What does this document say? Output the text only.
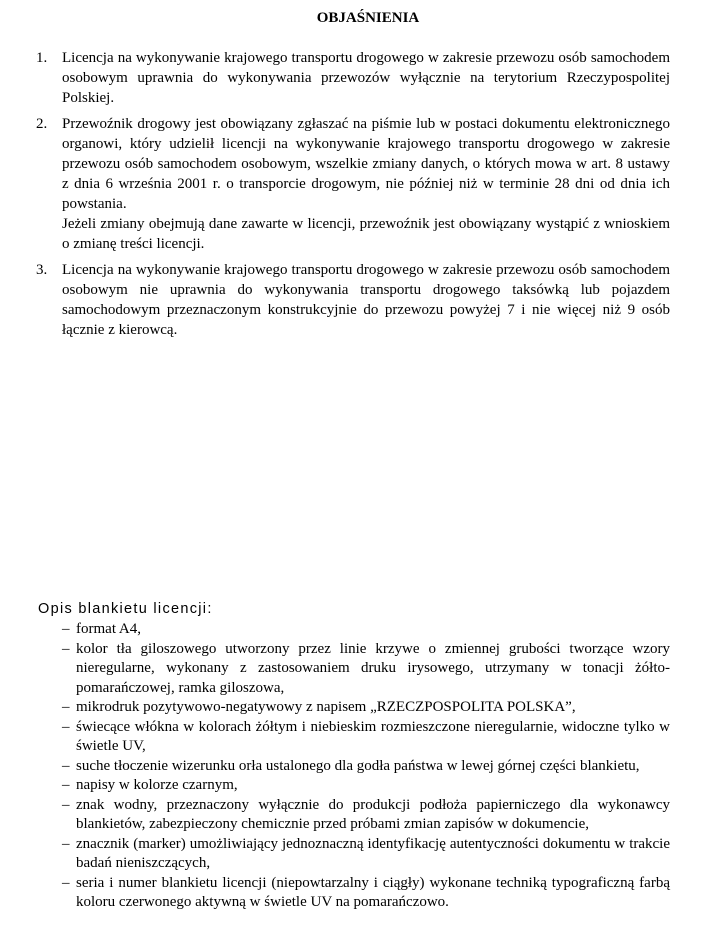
OBJAŚNIENIA
1. Licencja na wykonywanie krajowego transportu drogowego w zakresie przewozu osób samochodem osobowym uprawnia do wykonywania przewozów wyłącznie na terytorium Rzeczypospolitej Polskiej.
2. Przewoźnik drogowy jest obowiązany zgłaszać na piśmie lub w postaci dokumentu elektronicznego organowi, który udzielił licencji na wykonywanie krajowego transportu drogowego w zakresie przewozu osób samochodem osobowym, wszelkie zmiany danych, o których mowa w art. 8 ustawy z dnia 6 września 2001 r. o transporcie drogowym, nie później niż w terminie 28 dni od dnia ich powstania.
Jeżeli zmiany obejmują dane zawarte w licencji, przewoźnik jest obowiązany wystąpić z wnioskiem o zmianę treści licencji.
3. Licencja na wykonywanie krajowego transportu drogowego w zakresie przewozu osób samochodem osobowym nie uprawnia do wykonywania transportu drogowego taksówką lub pojazdem samochodowym przeznaczonym konstrukcyjnie do przewozu powyżej 7 i nie więcej niż 9 osób łącznie z kierowcą.
Opis blankietu licencji:
– format A4,
– kolor tła giloszowego utworzony przez linie krzywe o zmiennej grubości tworzące wzory nieregularne, wykonany z zastosowaniem druku irysowego, utrzymany w tonacji żółto-pomarańczowej, ramka giloszowa,
– mikrodruk pozytywowo-negatywowy z napisem „RZECZPOSPOLITA POLSKA”,
– świecące włókna w kolorach żółtym i niebieskim rozmieszczone nieregularnie, widoczne tylko w świetle UV,
– suche tłoczenie wizerunku orła ustalonego dla godła państwa w lewej górnej części blankietu,
– napisy w kolorze czarnym,
– znak wodny, przeznaczony wyłącznie do produkcji podłoża papierniczego dla wykonawcy blankietów, zabezpieczony chemicznie przed próbami zmian zapisów w dokumencie,
– znacznik (marker) umożliwiający jednoznaczną identyfikację autentyczności dokumentu w trakcie badań nieniszczących,
– seria i numer blankietu licencji (niepowtarzalny i ciągły) wykonane techniką typograficzną farbą koloru czerwonego aktywną w świetle UV na pomarańczowo.
